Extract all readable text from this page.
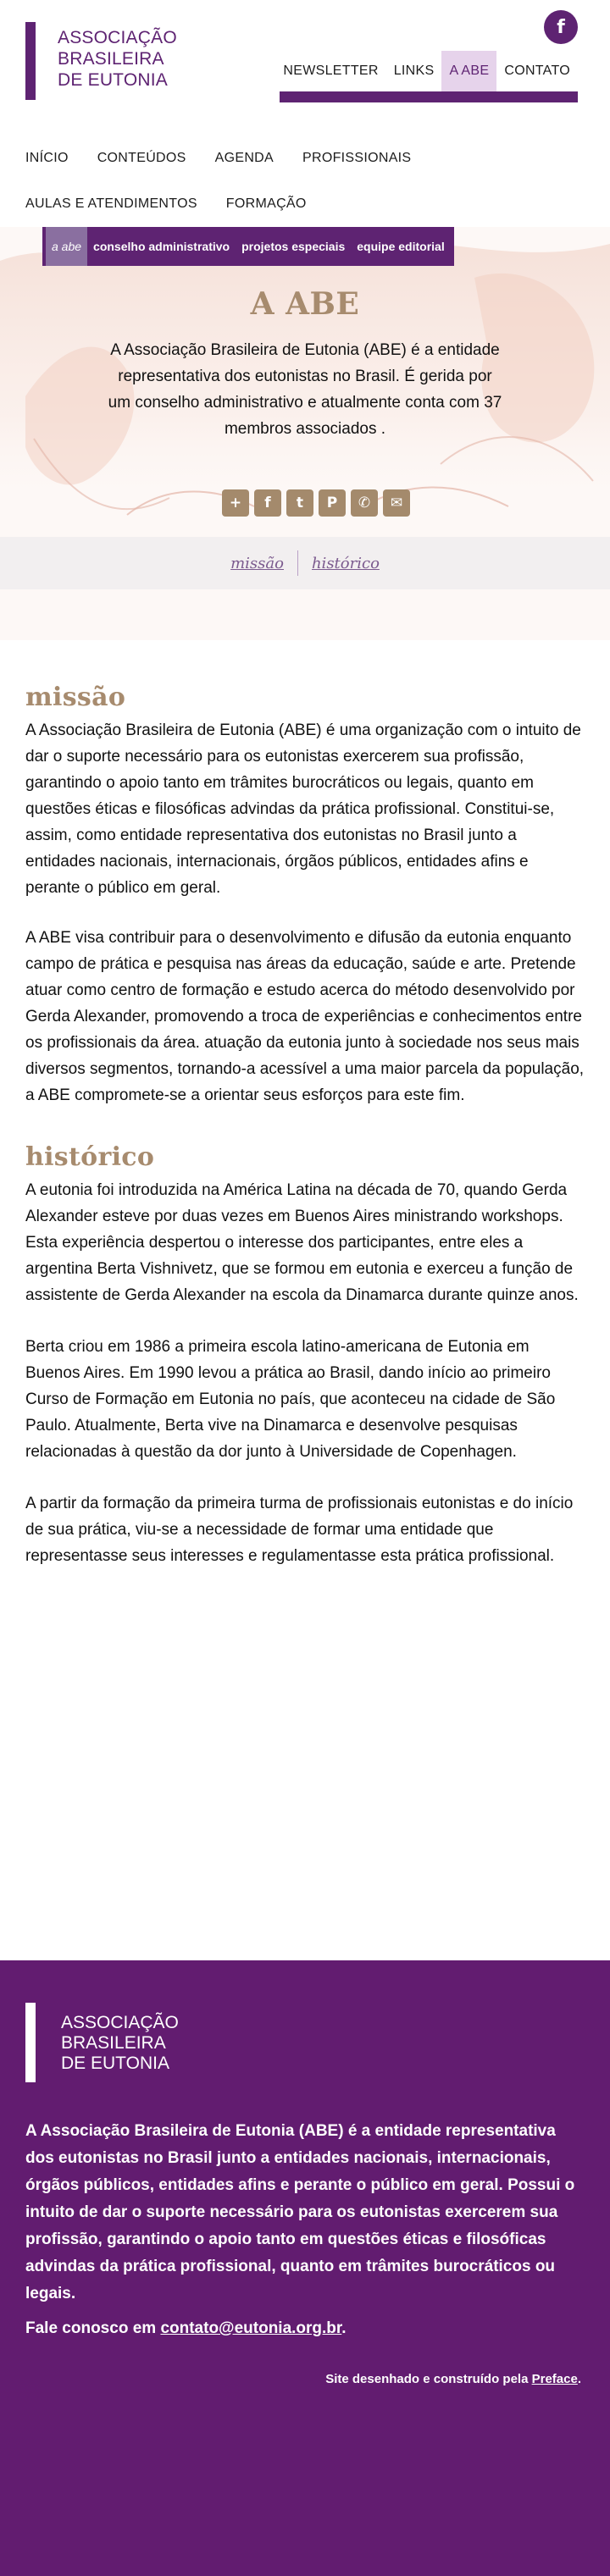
ASSOCIAÇÃO
BRASILEIRA
DE EUTONIA
f
NEWSLETTER	LINKS	A ABE	CONTATO
INÍCIO CONTEÚDOS AGENDA PROFISSIONAIS
AULAS E ATENDIMENTOS FORMAÇÃO
a abe	conselho administrativo	projetos especiais	equipe editorial
A ABE

A Associação Brasileira de Eutonia (ABE) é a entidade representativa dos eutonistas no Brasil. É gerida por um conselho administrativo e atualmente conta com 37 membros associados .

+	f	t	P	✆	✉
missão	histórico
missão

A Associação Brasileira de Eutonia (ABE) é uma organização com o intuito de dar o suporte necessário para os eutonistas exercerem sua profissão, garantindo o apoio tanto em trâmites burocráticos ou legais, quanto em questões éticas e filosóficas advindas da prática profissional. Constitui-se, assim, como entidade representativa dos eutonistas no Brasil junto a entidades nacionais, internacionais, órgãos públicos, entidades afins e perante o público em geral.

A ABE visa contribuir para o desenvolvimento e difusão da eutonia enquanto campo de prática e pesquisa nas áreas da educação, saúde e arte. Pretende atuar como centro de formação e estudo acerca do método desenvolvido por Gerda Alexander, promovendo a troca de experiências e conhecimentos entre os profissionais da área. atuação da eutonia junto à sociedade nos seus mais diversos segmentos, tornando-a acessível a uma maior parcela da população, a ABE compromete-se a orientar seus esforços para este fim.

histórico

A eutonia foi introduzida na América Latina na década de 70, quando Gerda Alexander esteve por duas vezes em Buenos Aires ministrando workshops. Esta experiência despertou o interesse dos participantes, entre eles a argentina Berta Vishnivetz, que se formou em eutonia e exerceu a função de assistente de Gerda Alexander na escola da Dinamarca durante quinze anos.

Berta criou em 1986 a primeira escola latino-americana de Eutonia em Buenos Aires. Em 1990 levou a prática ao Brasil, dando início ao primeiro Curso de Formação em Eutonia no país, que aconteceu na cidade de São Paulo. Atualmente, Berta vive na Dinamarca e desenvolve pesquisas relacionadas à questão da dor junto à Universidade de Copenhagen.

A partir da formação da primeira turma de profissionais eutonistas e do início de sua prática, viu-se a necessidade de formar uma entidade que representasse seus interesses e regulamentasse esta prática profissional.

ASSOCIAÇÃO
BRASILEIRA
DE EUTONIA

A Associação Brasileira de Eutonia (ABE) é a entidade representativa dos eutonistas no Brasil junto a entidades nacionais, internacionais, órgãos públicos, entidades afins e perante o público em geral. Possui o intuito de dar o suporte necessário para os eutonistas exercerem sua profissão, garantindo o apoio tanto em questões éticas e filosóficas advindas da prática profissional, quanto em trâmites burocráticos ou legais.

Fale conosco em contato@eutonia.org.br.

Site desenhado e construído pela Preface.
